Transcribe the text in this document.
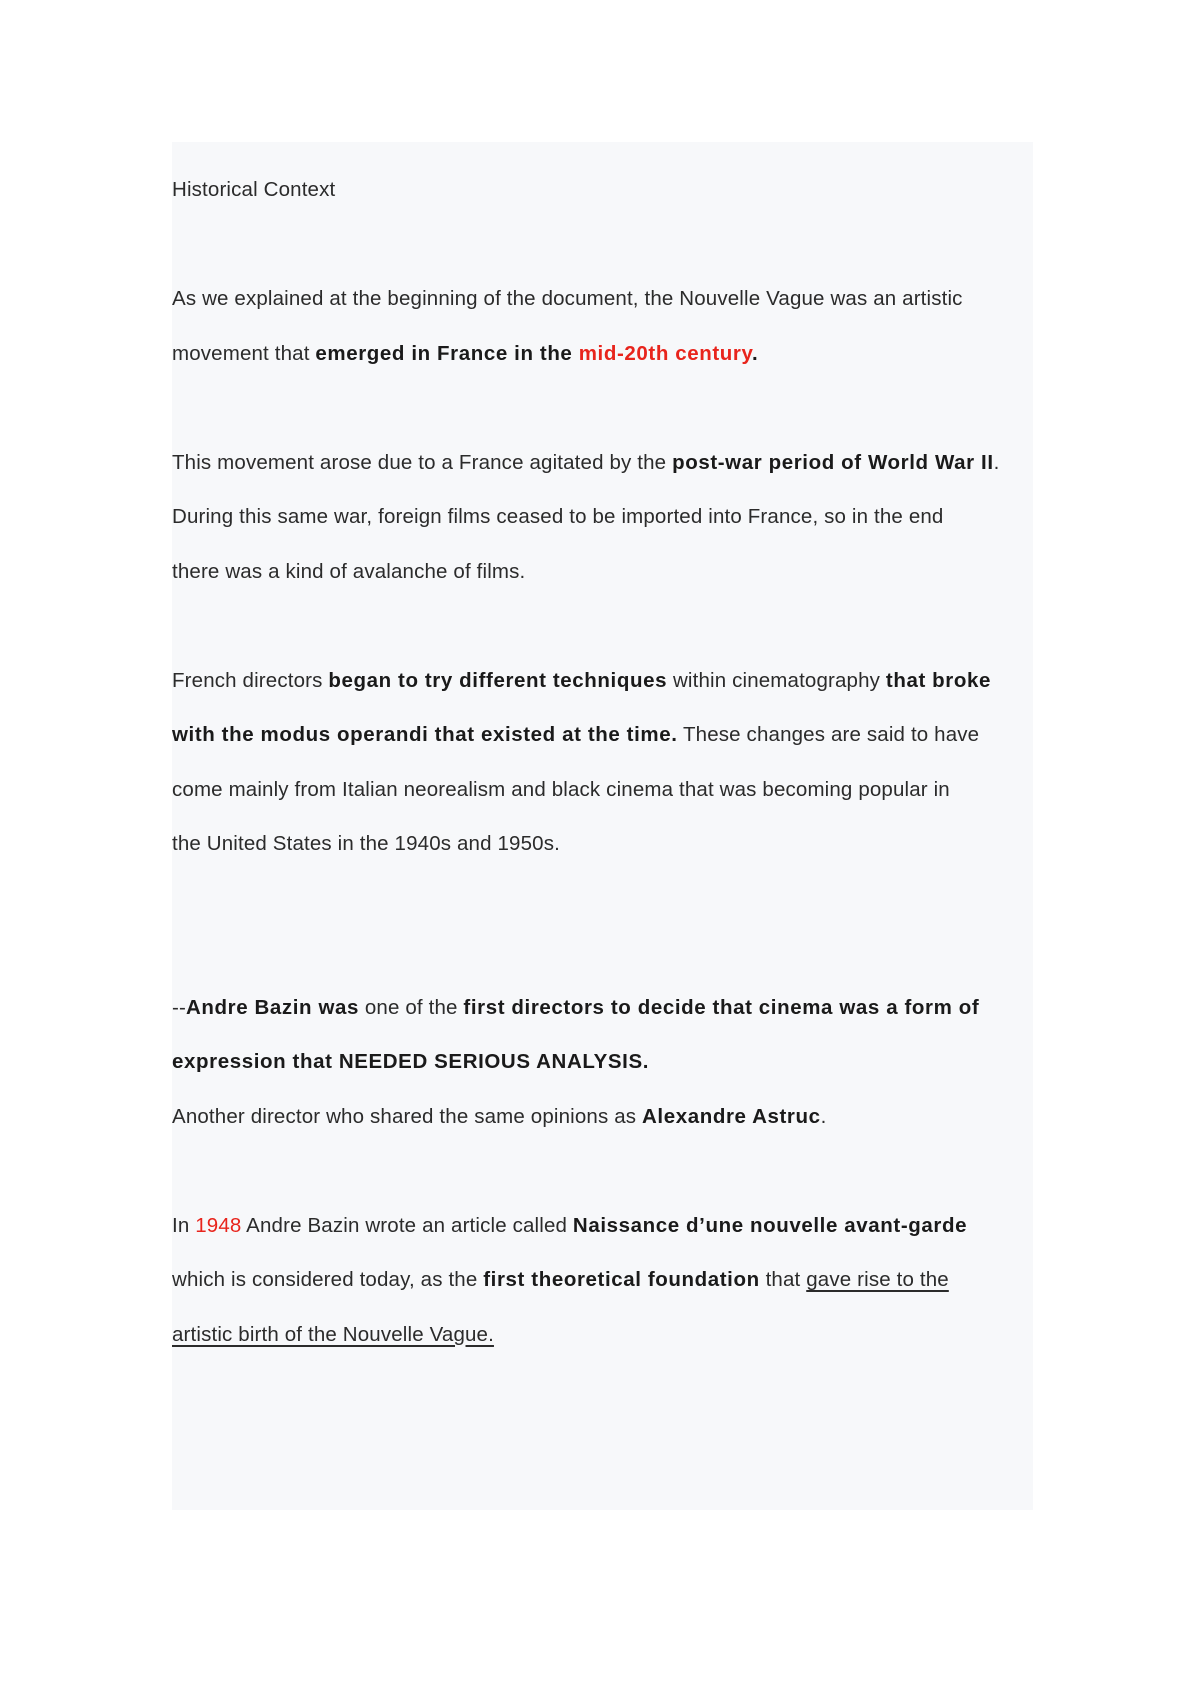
Historical Context
As we explained at the beginning of the document, the Nouvelle Vague was an artistic
movement that emerged in France in the mid-20th century.
This movement arose due to a France agitated by the post-war period of World War II.
During this same war, foreign films ceased to be imported into France, so in the end
there was a kind of avalanche of films.
French directors began to try different techniques within cinematography that broke
with the modus operandi that existed at the time. These changes are said to have
come mainly from Italian neorealism and black cinema that was becoming popular in
the United States in the 1940s and 1950s.
--Andre Bazin was one of the first directors to decide that cinema was a form of
expression that NEEDED SERIOUS ANALYSIS.
Another director who shared the same opinions as Alexandre Astruc.
In 1948 Andre Bazin wrote an article called Naissance d’une nouvelle avant-garde
which is considered today, as the first theoretical foundation that gave rise to the
artistic birth of the Nouvelle Vague.
